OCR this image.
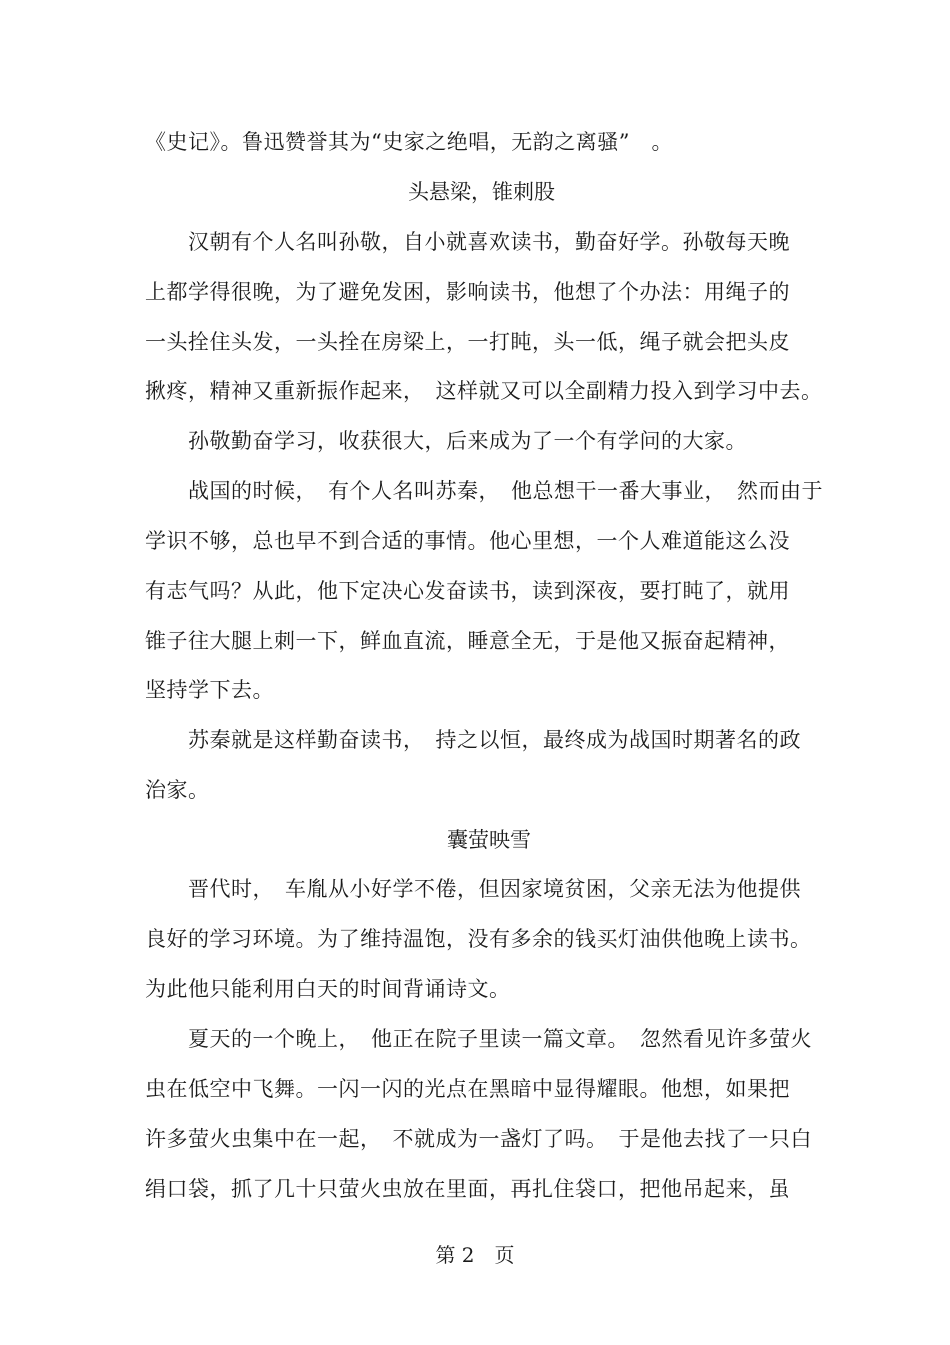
《史记》。鲁迅赞誉其为“史家之绝唱，无韵之离骚”　。
头悬梁，锥刺股
汉朝有个人名叫孙敬，自小就喜欢读书，勤奋好学。孙敬每天晚
上都学得很晚，为了避免发困，影响读书，他想了个办法：用绳子的
一头拴住头发，一头拴在房梁上，一打盹，头一低，绳子就会把头皮
揪疼，精神又重新振作起来，　这样就又可以全副精力投入到学习中去。
孙敬勤奋学习，收获很大，后来成为了一个有学问的大家。
战国的时候，　有个人名叫苏秦，　他总想干一番大事业，　然而由于
学识不够，总也早不到合适的事情。他心里想，一个人难道能这么没
有志气吗？从此，他下定决心发奋读书，读到深夜，要打盹了，就用
锥子往大腿上刺一下，鲜血直流，睡意全无，于是他又振奋起精神，
坚持学下去。
苏秦就是这样勤奋读书，　持之以恒，最终成为战国时期著名的政
治家。
囊萤映雪
晋代时，　车胤从小好学不倦，但因家境贫困，父亲无法为他提供
良好的学习环境。为了维持温饱，没有多余的钱买灯油供他晚上读书。
为此他只能利用白天的时间背诵诗文。
夏天的一个晚上，　他正在院子里读一篇文章。　忽然看见许多萤火
虫在低空中飞舞。一闪一闪的光点在黑暗中显得耀眼。他想，如果把
许多萤火虫集中在一起，　不就成为一盏灯了吗。　于是他去找了一只白
绢口袋，抓了几十只萤火虫放在里面，再扎住袋口，把他吊起来，虽
第 2　页
